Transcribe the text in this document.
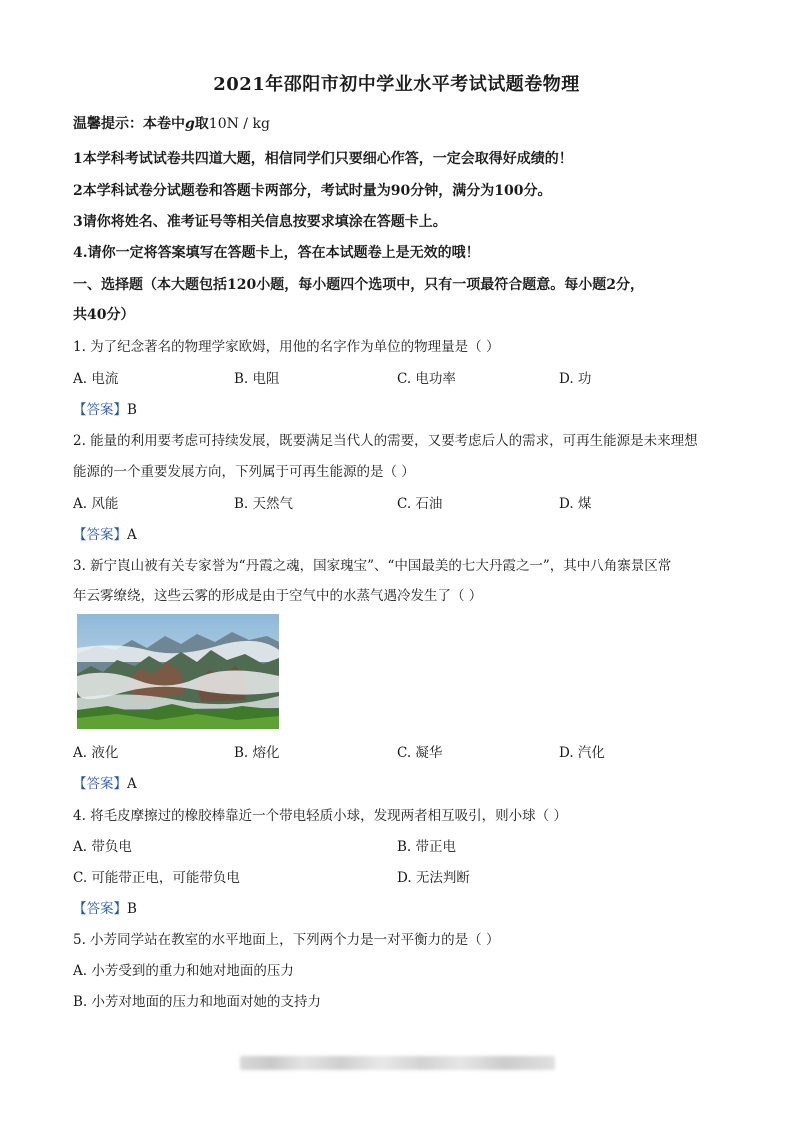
2021年邵阳市初中学业水平考试试题卷物理
温馨提示：本卷中g取10N / kg
1本学科考试试卷共四道大题，相信同学们只要细心作答，一定会取得好成绩的！
2本学科试卷分试题卷和答题卡两部分，考试时量为90分钟，满分为100分。
3请你将姓名、准考证号等相关信息按要求填涂在答题卡上。
4.请你一定将答案填写在答题卡上，答在本试题卷上是无效的哦！
一、选择题（本大题包括120小题，每小题四个选项中，只有一项最符合题意。每小题2分，
共40分）
1. 为了纪念著名的物理学家欧姆，用他的名字作为单位的物理量是（ ）
A. 电流	B. 电阻	C. 电功率	D. 功
【答案】B
2. 能量的利用要考虑可持续发展，既要满足当代人的需要，又要考虑后人的需求，可再生能源是未来理想
能源的一个重要发展方向，下列属于可再生能源的是（ ）
A. 风能	B. 天然气	C. 石油	D. 煤
【答案】A
3. 新宁崀山被有关专家誉为“丹霞之魂，国家瑰宝”、“中国最美的七大丹霞之一”，其中八角寨景区常
年云雾缭绕，这些云雾的形成是由于空气中的水蒸气遇冷发生了（ ）
A. 液化	B. 熔化	C. 凝华	D. 汽化
【答案】A
4. 将毛皮摩擦过的橡胶棒靠近一个带电轻质小球，发现两者相互吸引，则小球（ ）
A. 带负电	B. 带正电
C. 可能带正电，可能带负电	D. 无法判断
【答案】B
5. 小芳同学站在教室的水平地面上，下列两个力是一对平衡力的是（ ）
A. 小芳受到的重力和她对地面的压力
B. 小芳对地面的压力和地面对她的支持力
